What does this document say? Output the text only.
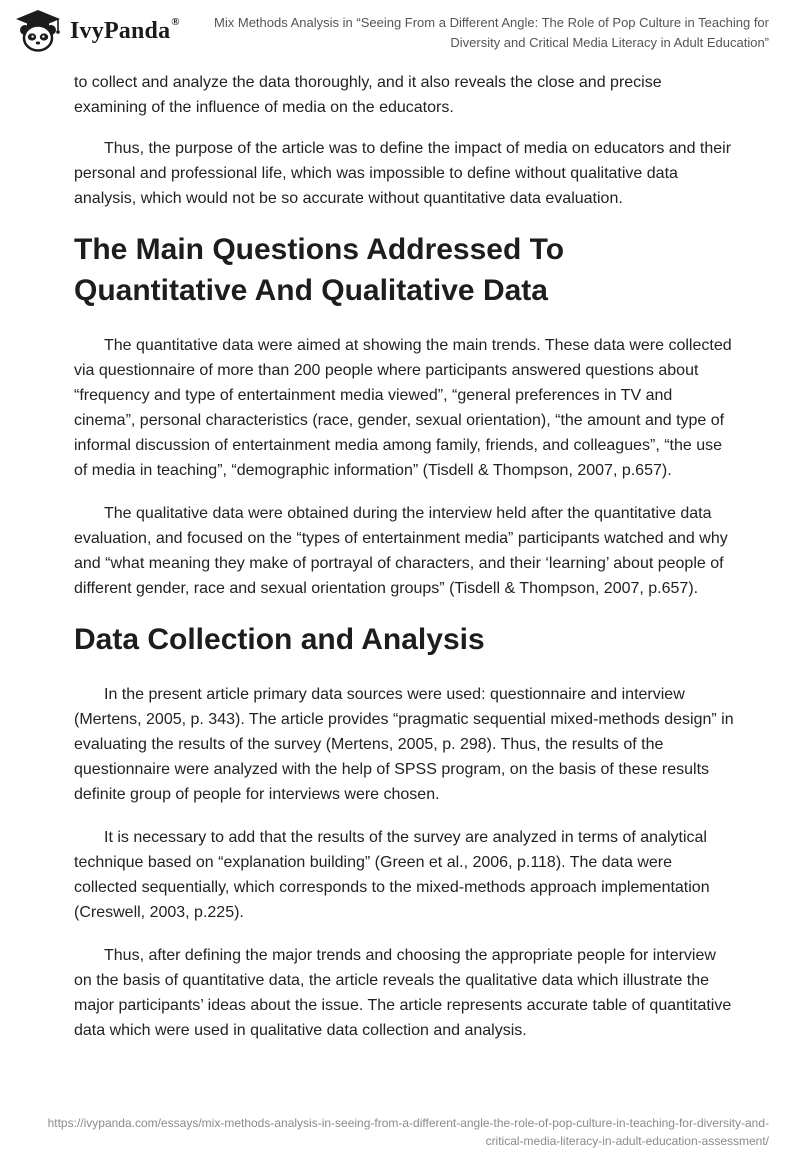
IvyPanda®	Mix Methods Analysis in “Seeing From a Different Angle: The Role of Pop Culture in Teaching for Diversity and Critical Media Literacy in Adult Education”

to collect and analyze the data thoroughly, and it also reveals the close and precise examining of the influence of media on the educators.

Thus, the purpose of the article was to define the impact of media on educators and their personal and professional life, which was impossible to define without qualitative data analysis, which would not be so accurate without quantitative data evaluation.

The Main Questions Addressed To Quantitative And Qualitative Data

The quantitative data were aimed at showing the main trends. These data were collected via questionnaire of more than 200 people where participants answered questions about “frequency and type of entertainment media viewed”, “general preferences in TV and cinema”, personal characteristics (race, gender, sexual orientation), “the amount and type of informal discussion of entertainment media among family, friends, and colleagues”, “the use of media in teaching”, “demographic information” (Tisdell & Thompson, 2007, p.657).

The qualitative data were obtained during the interview held after the quantitative data evaluation, and focused on the “types of entertainment media” participants watched and why and “what meaning they make of portrayal of characters, and their ‘learning’ about people of different gender, race and sexual orientation groups” (Tisdell & Thompson, 2007, p.657).

Data Collection and Analysis

In the present article primary data sources were used: questionnaire and interview (Mertens, 2005, p. 343). The article provides “pragmatic sequential mixed-methods design” in evaluating the results of the survey (Mertens, 2005, p. 298). Thus, the results of the questionnaire were analyzed with the help of SPSS program, on the basis of these results definite group of people for interviews were chosen.

It is necessary to add that the results of the survey are analyzed in terms of analytical technique based on “explanation building” (Green et al., 2006, p.118). The data were collected sequentially, which corresponds to the mixed-methods approach implementation (Creswell, 2003, p.225).

Thus, after defining the major trends and choosing the appropriate people for interview on the basis of quantitative data, the article reveals the qualitative data which illustrate the major participants’ ideas about the issue. The article represents accurate table of quantitative data which were used in qualitative data collection and analysis.

https://ivypanda.com/essays/mix-methods-analysis-in-seeing-from-a-different-angle-the-role-of-pop-culture-in-teaching-for-diversity-and-critical-media-literacy-in-adult-education-assessment/
